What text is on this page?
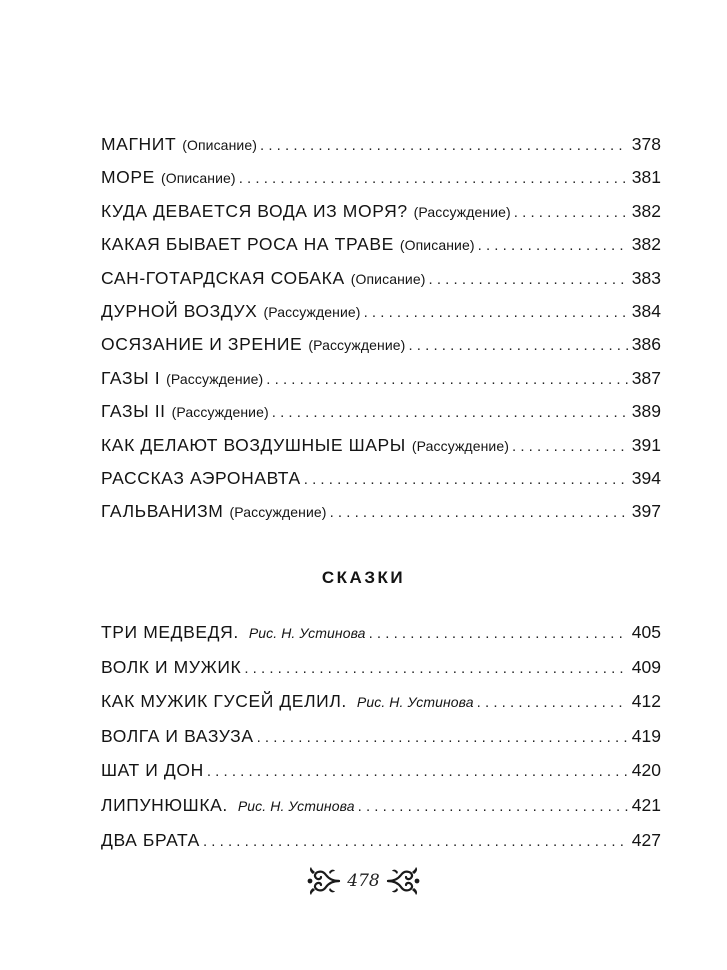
МАГНИТ (Описание) . . .	378
МОРЕ (Описание) . . .	381
КУДА ДЕВАЕТСЯ ВОДА ИЗ МОРЯ? (Рассуждение) . . .	382
КАКАЯ БЫВАЕТ РОСА НА ТРАВЕ (Описание) . . .	382
САН-ГОТАРДСКАЯ СОБАКА (Описание) . . .	383
ДУРНОЙ ВОЗДУХ (Рассуждение) . . .	384
ОСЯЗАНИЕ И ЗРЕНИЕ (Рассуждение) . . .	386
ГАЗЫ I (Рассуждение) . . .	387
ГАЗЫ II (Рассуждение) . . .	389
КАК ДЕЛАЮТ ВОЗДУШНЫЕ ШАРЫ (Рассуждение) . . .	391
РАССКАЗ АЭРОНАВТА . . .	394
ГАЛЬВАНИЗМ (Рассуждение) . . .	397
СКАЗКИ
ТРИ МЕДВЕДЯ. Рис. Н. Устинова . . .	405
ВОЛК И МУЖИК . . .	409
КАК МУЖИК ГУСЕЙ ДЕЛИЛ. Рис. Н. Устинова . . .	412
ВОЛГА И ВАЗУЗА . . .	419
ШАТ И ДОН . . .	420
ЛИПУНЮШКА. Рис. Н. Устинова . . .	421
ДВА БРАТА . . .	427
478
